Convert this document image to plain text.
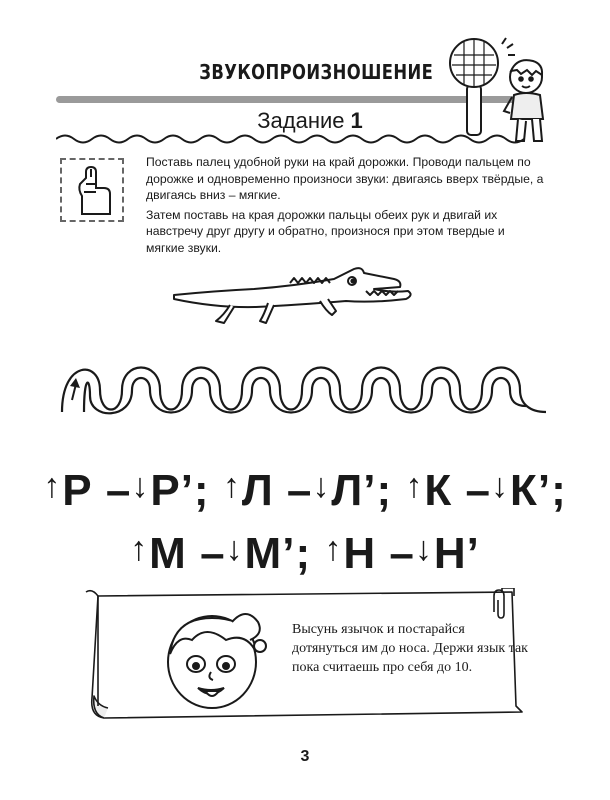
ЗВУКОПРОИЗНОШЕНИЕ
Задание 1

Поставь палец удобной руки на край дорожки. Проводи пальцем по дорожке и одновременно произноси звуки: двигаясь вверх твёрдые, а двигаясь вниз – мягкие.

Затем поставь на края дорожки пальцы обеих рук и двигай их навстречу друг другу и обратно, произнося при этом твердые и мягкие звуки.

↑Р –↓Р’; ↑Л –↓Л’; ↑К –↓К’;
↑М –↓М’; ↑Н –↓Н’
Высунь язычок и постарайся дотянуться им до носа. Держи язык так пока считаешь про себя до 10.
3
